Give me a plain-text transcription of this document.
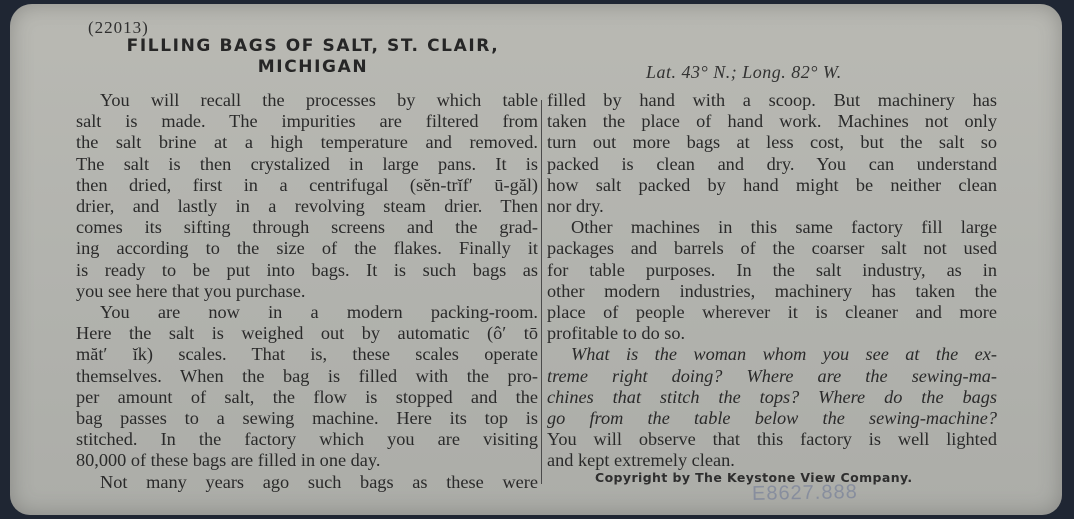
(22013)
FILLING BAGS OF SALT, ST. CLAIR,
MICHIGAN	Lat. 43° N.; Long. 82° W.
You will recall the processes by which table
salt is made. The impurities are filtered from
the salt brine at a high temperature and removed.
The salt is then crystalized in large pans. It is
then dried, first in a centrifugal (sĕn-trĭf′ ū-găl)
drier, and lastly in a revolving steam drier. Then
comes its sifting through screens and the grad-
ing according to the size of the flakes. Finally it
is ready to be put into bags. It is such bags as
you see here that you purchase.
You are now in a modern packing-room.
Here the salt is weighed out by automatic (ô′ tō
măt′ ĭk) scales. That is, these scales operate
themselves. When the bag is filled with the pro-
per amount of salt, the flow is stopped and the
bag passes to a sewing machine. Here its top is
stitched. In the factory which you are visiting
80,000 of these bags are filled in one day.
Not many years ago such bags as these were
filled by hand with a scoop. But machinery has
taken the place of hand work. Machines not only
turn out more bags at less cost, but the salt so
packed is clean and dry. You can understand
how salt packed by hand might be neither clean
nor dry.
Other machines in this same factory fill large
packages and barrels of the coarser salt not used
for table purposes. In the salt industry, as in
other modern industries, machinery has taken the
place of people wherever it is cleaner and more
profitable to do so.
What is the woman whom you see at the ex-
treme right doing? Where are the sewing-ma-
chines that stitch the tops? Where do the bags
go from the table below the sewing-machine?
You will observe that this factory is well lighted
and kept extremely clean.
Copyright by The Keystone View Company.
E8627.888
